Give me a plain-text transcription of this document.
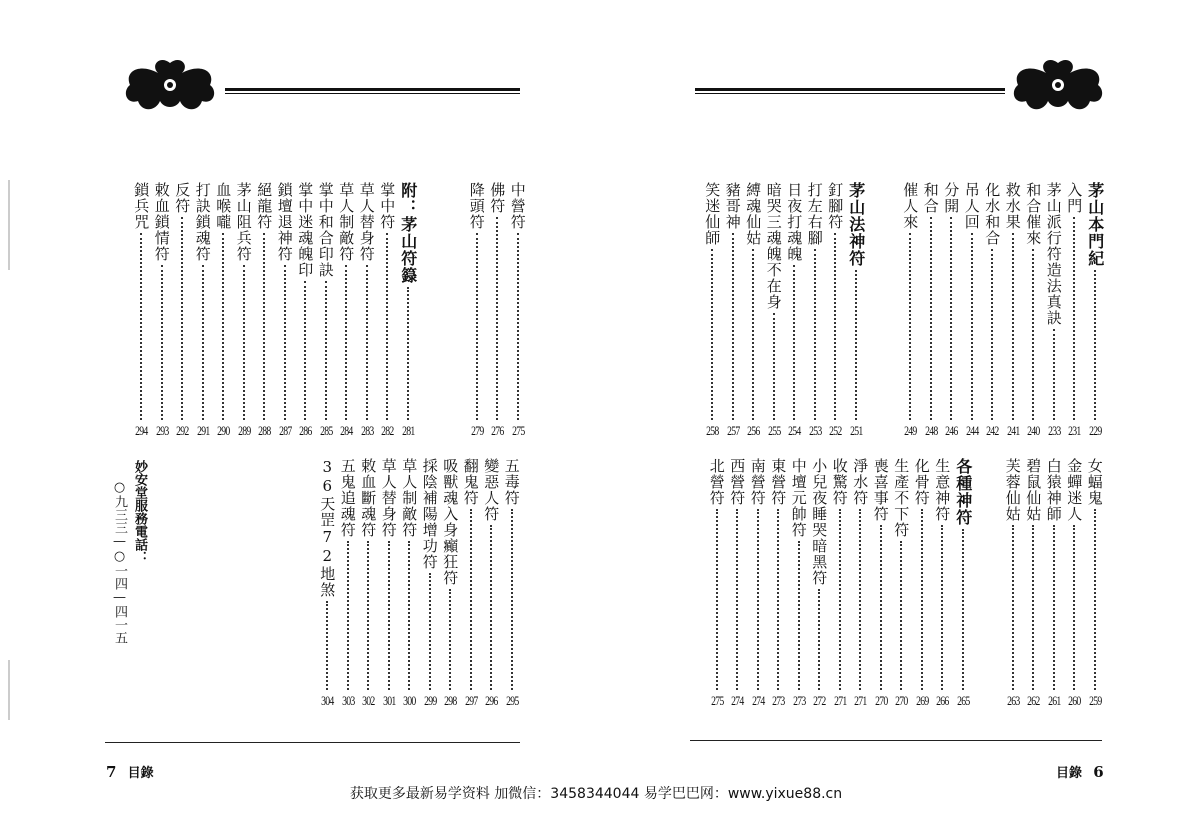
茅山本門紀
229
入門
231
茅山派行符造法真訣
233
和合催來
240
救水果
241
化水和合
242
吊人回
244
分開
246
和合
248
催人來
249
茅山法神符
251
釘腳符
252
打左右腳
253
日夜打魂魄
254
暗哭三魂魄不在身
255
縛魂仙姑
256
豬哥神
257
笑迷仙師
258
女蝠鬼
259
金蟬迷人
260
白猿神師
261
碧鼠仙姑
262
芙蓉仙姑
263
各種神符
265
生意神符
266
化骨符
269
生產不下符
270
喪喜事符
270
淨水符
271
收驚符
271
小兒夜睡哭暗黑符
272
中壇元帥符
273
東營符
273
南營符
274
西營符
274
北營符
275
中營符
275
佛符
276
降頭符
279
附：茅山符籙
281
掌中符
282
草人替身符
283
草人制敵符
284
掌中和合印訣
285
掌中迷魂魄印
286
鎖壇退神符
287
絕龍符
288
茅山阻兵符
289
血喉嚨
290
打訣鎖魂符
291
反符
292
敕血鎖情符
293
鎖兵咒
294
五毒符
295
變惡人符
296
翻鬼符
297
吸獸魂入身癲狂符
298
採陰補陽增功符
299
草人制敵符
300
草人替身符
301
敕血斷魂符
302
五鬼追魂符
303
36天罡72地煞
304
妙安堂服務電話：
○九三三—○一四—四一五
7 目錄	目錄 6
获取更多最新易学资料 加微信：3458344044 易学巴巴网：www.yixue88.cn
